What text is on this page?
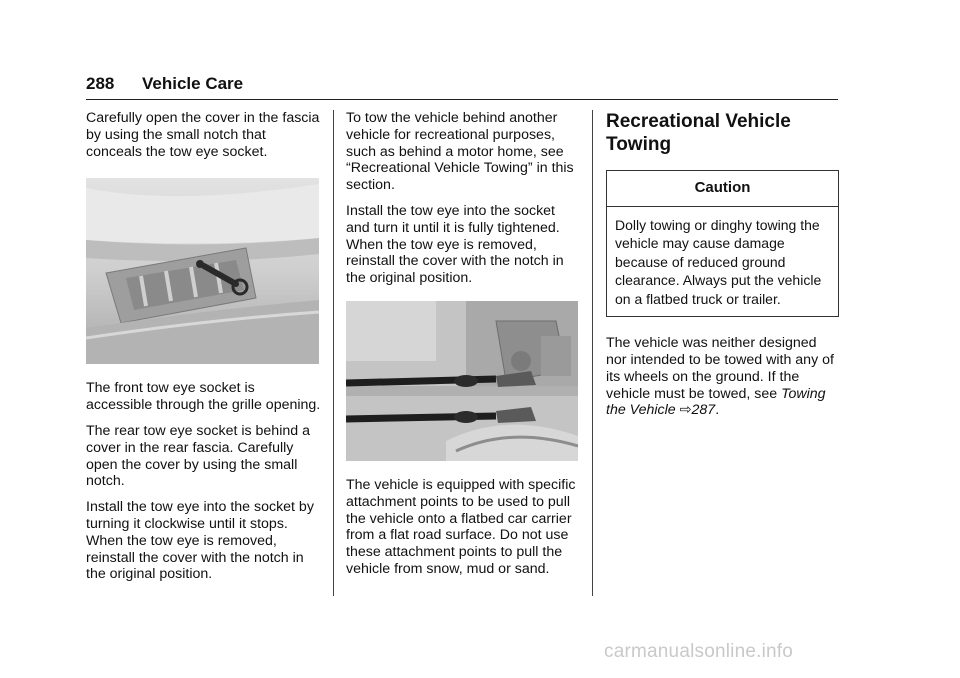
288 Vehicle Care

Carefully open the cover in the fascia by using the small notch that conceals the tow eye socket.

The front tow eye socket is accessible through the grille opening.

The rear tow eye socket is behind a cover in the rear fascia. Carefully open the cover by using the small notch.

Install the tow eye into the socket by turning it clockwise until it stops. When the tow eye is removed, reinstall the cover with the notch in the original position.

To tow the vehicle behind another vehicle for recreational purposes, such as behind a motor home, see “Recreational Vehicle Towing” in this section.

Install the tow eye into the socket and turn it until it is fully tightened. When the tow eye is removed, reinstall the cover with the notch in the original position.

The vehicle is equipped with specific attachment points to be used to pull the vehicle onto a flatbed car carrier from a flat road surface. Do not use these attachment points to pull the vehicle from snow, mud or sand.

Recreational Vehicle Towing
Caution
Dolly towing or dinghy towing the vehicle may cause damage because of reduced ground clearance. Always put the vehicle on a flatbed truck or trailer.

The vehicle was neither designed nor intended to be towed with any of its wheels on the ground. If the vehicle must be towed, see Towing the Vehicle ⇨287.

carmanualsonline.info
